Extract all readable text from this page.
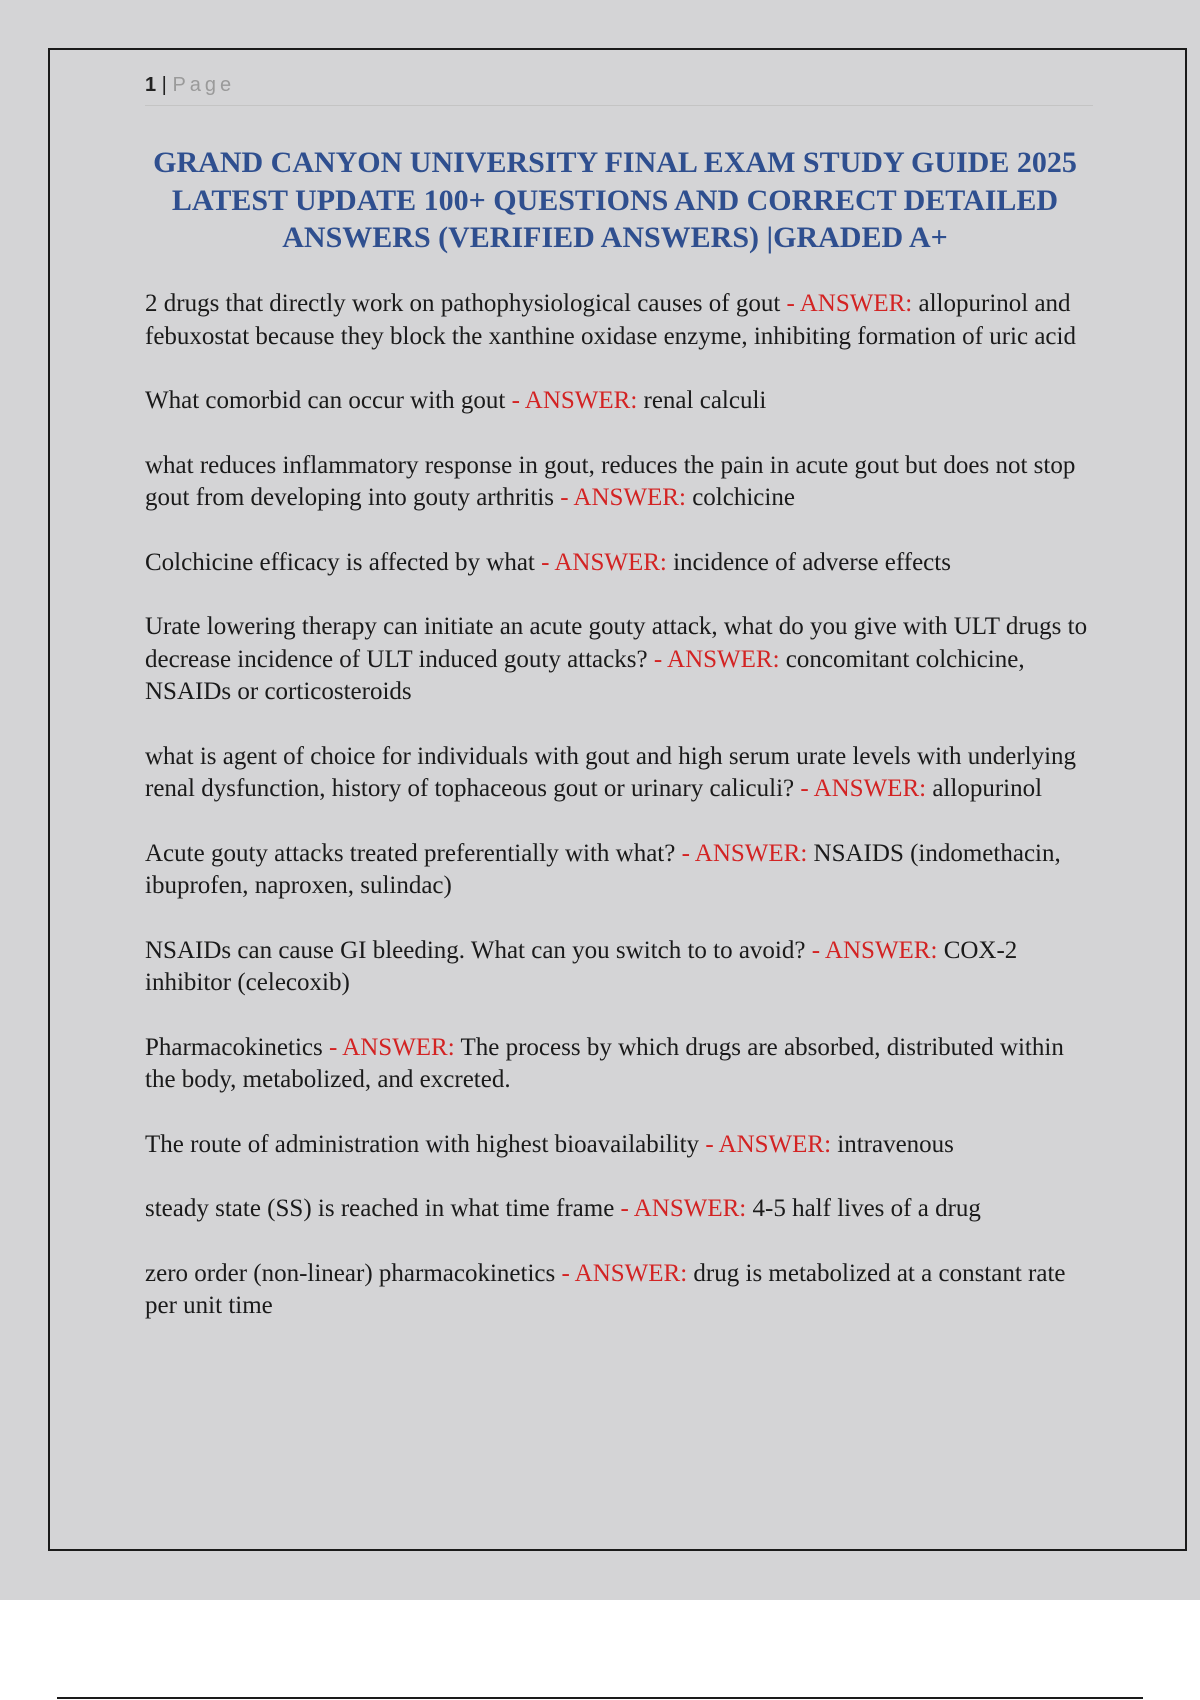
1 | Page
GRAND CANYON UNIVERSITY FINAL EXAM STUDY GUIDE 2025 LATEST UPDATE 100+ QUESTIONS AND CORRECT DETAILED ANSWERS (VERIFIED ANSWERS) |GRADED A+

2 drugs that directly work on pathophysiological causes of gout - ANSWER: allopurinol and febuxostat because they block the xanthine oxidase enzyme, inhibiting formation of uric acid

What comorbid can occur with gout - ANSWER: renal calculi

what reduces inflammatory response in gout, reduces the pain in acute gout but does not stop gout from developing into gouty arthritis - ANSWER: colchicine

Colchicine efficacy is affected by what - ANSWER: incidence of adverse effects

Urate lowering therapy can initiate an acute gouty attack, what do you give with ULT drugs to decrease incidence of ULT induced gouty attacks? - ANSWER: concomitant colchicine, NSAIDs or corticosteroids

what is agent of choice for individuals with gout and high serum urate levels with underlying renal dysfunction, history of tophaceous gout or urinary caliculi? - ANSWER: allopurinol

Acute gouty attacks treated preferentially with what? - ANSWER: NSAIDS (indomethacin, ibuprofen, naproxen, sulindac)

NSAIDs can cause GI bleeding. What can you switch to to avoid? - ANSWER: COX-2 inhibitor (celecoxib)

Pharmacokinetics - ANSWER: The process by which drugs are absorbed, distributed within the body, metabolized, and excreted.

The route of administration with highest bioavailability - ANSWER: intravenous

steady state (SS) is reached in what time frame - ANSWER: 4-5 half lives of a drug

zero order (non-linear) pharmacokinetics - ANSWER: drug is metabolized at a constant rate per unit time
